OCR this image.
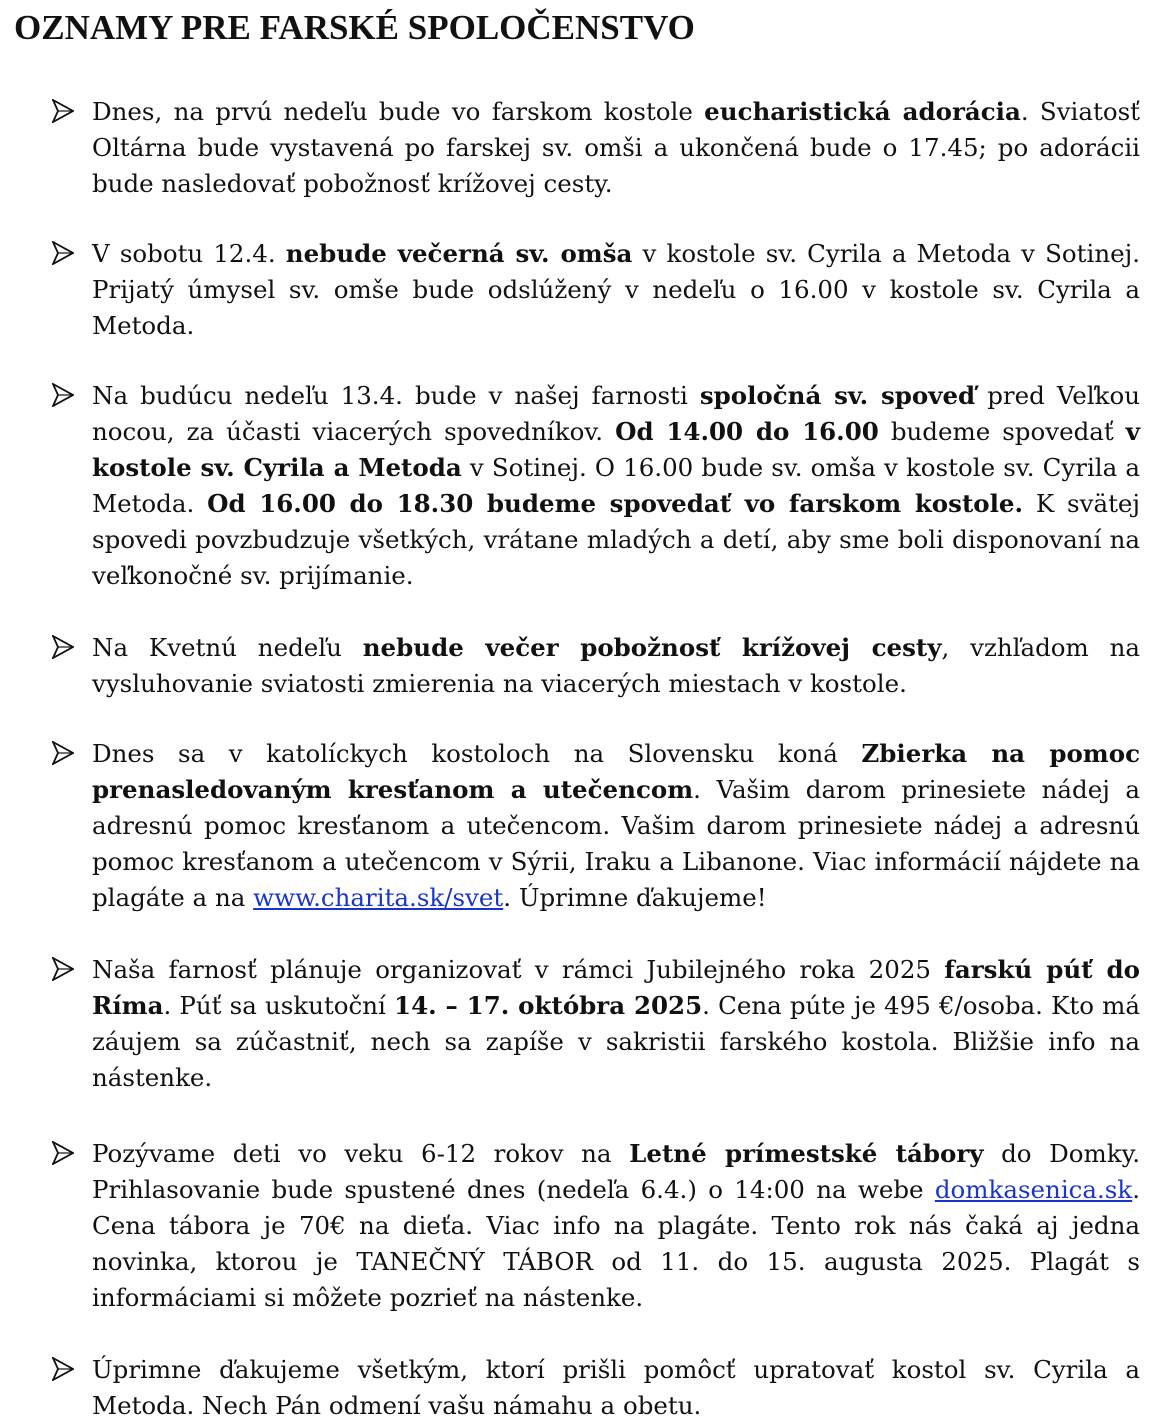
OZNAMY PRE FARSKÉ SPOLOČENSTVO

Dnes, na prvú nedeľu bude vo farskom kostole eucharistická adorácia. Sviatosť Oltárna bude vystavená po farskej sv. omši a ukončená bude o 17.45; po adorácii bude nasledovať pobožnosť krížovej cesty.

V sobotu 12.4. nebude večerná sv. omša v kostole sv. Cyrila a Metoda v Sotinej. Prijatý úmysel sv. omše bude odslúžený v nedeľu o 16.00 v kostole sv. Cyrila a Metoda.

Na budúcu nedeľu 13.4. bude v našej farnosti spoločná sv. spoveď pred Veľkou nocou, za účasti viacerých spovedníkov. Od 14.00 do 16.00 budeme spovedať v kostole sv. Cyrila a Metoda v Sotinej. O 16.00 bude sv. omša v kostole sv. Cyrila a Metoda. Od 16.00 do 18.30 budeme spovedať vo farskom kostole. K svätej spovedi povzbudzuje všetkých, vrátane mladých a detí, aby sme boli disponovaní na veľkonočné sv. prijímanie.

Na Kvetnú nedeľu nebude večer pobožnosť krížovej cesty, vzhľadom na vysluhovanie sviatosti zmierenia na viacerých miestach v kostole.

Dnes sa v katolíckych kostoloch na Slovensku koná Zbierka na pomoc prenasledovaným kresťanom a utečencom. Vašim darom prinesiete nádej a adresnú pomoc kresťanom a utečencom. Vašim darom prinesiete nádej a adresnú pomoc kresťanom a utečencom v Sýrii, Iraku a Libanone. Viac informácií nájdete na plagáte a na www.charita.sk/svet. Úprimne ďakujeme!

Naša farnosť plánuje organizovať v rámci Jubilejného roka 2025 farskú púť do Ríma. Púť sa uskutoční 14. – 17. októbra 2025. Cena púte je 495 €/osoba. Kto má záujem sa zúčastniť, nech sa zapíše v sakristii farského kostola. Bližšie info na nástenke.

Pozývame deti vo veku 6-12 rokov na Letné prímestské tábory do Domky. Prihlasovanie bude spustené dnes (nedeľa 6.4.) o 14:00 na webe domkasenica.sk. Cena tábora je 70€ na dieťa. Viac info na plagáte. Tento rok nás čaká aj jedna novinka, ktorou je TANEČNÝ TÁBOR od 11. do 15. augusta 2025. Plagát s informáciami si môžete pozrieť na nástenke.

Úprimne ďakujeme všetkým, ktorí prišli pomôcť upratovať kostol sv. Cyrila a Metoda. Nech Pán odmení vašu námahu a obetu.
